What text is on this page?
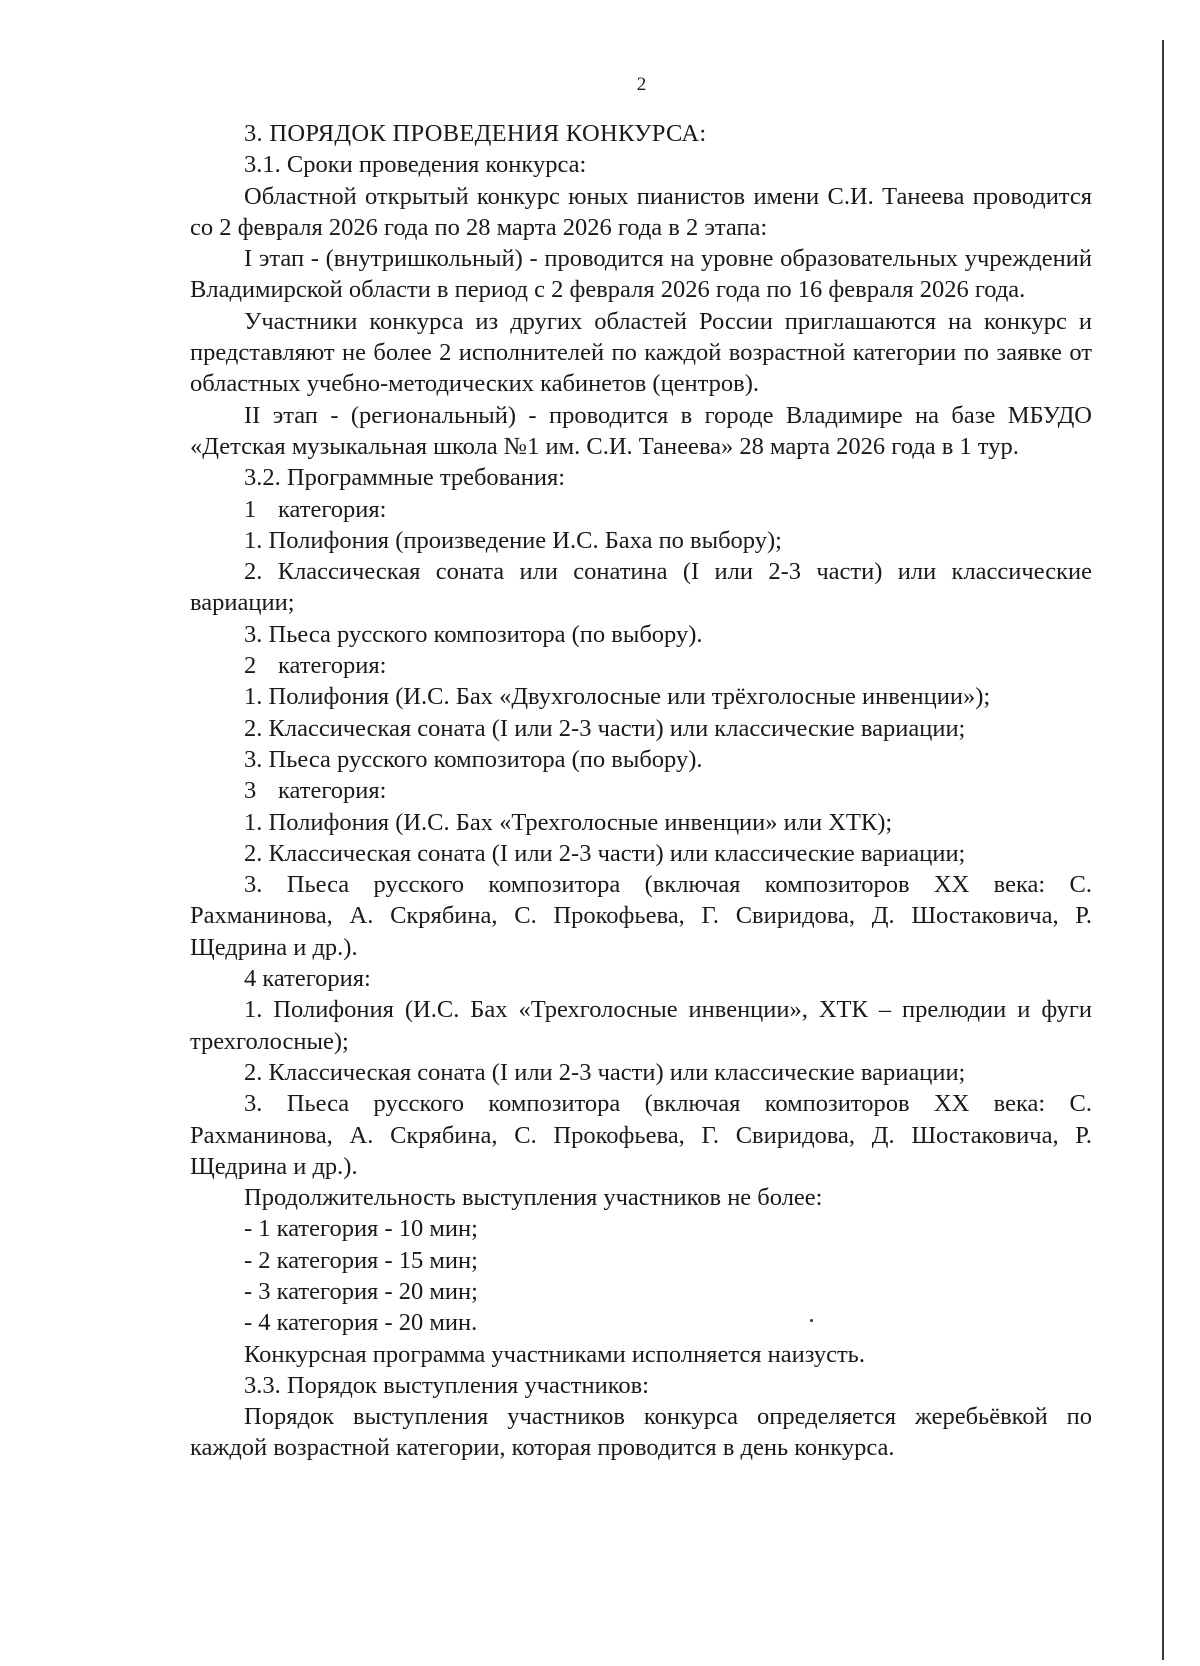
2

3. ПОРЯДОК ПРОВЕДЕНИЯ КОНКУРСА:

3.1. Сроки проведения конкурса:

Областной открытый конкурс юных пианистов имени С.И. Танеева проводится со 2 февраля 2026 года по 28 марта 2026 года в 2 этапа:

I этап - (внутришкольный) - проводится на уровне образовательных учреждений Владимирской области в период с 2 февраля 2026 года по 16 февраля 2026 года.

Участники конкурса из других областей России приглашаются на конкурс и представляют не более 2 исполнителей по каждой возрастной категории по заявке от областных учебно-методических кабинетов (центров).

II этап - (региональный) - проводится в городе Владимире на базе МБУДО «Детская музыкальная школа №1 им. С.И. Танеева» 28 марта 2026 года в 1 тур.

3.2. Программные требования:

1 категория:

1. Полифония (произведение И.С. Баха по выбору);

2. Классическая соната или сонатина (I или 2-3 части) или классические вариации;

3. Пьеса русского композитора (по выбору).

2 категория:

1. Полифония (И.С. Бах «Двухголосные или трёхголосные инвенции»);

2. Классическая соната (I или 2-3 части) или классические вариации;

3. Пьеса русского композитора (по выбору).

3 категория:

1. Полифония (И.С. Бах «Трехголосные инвенции» или ХТК);

2. Классическая соната (I или 2-3 части) или классические вариации;

3. Пьеса русского композитора (включая композиторов ХХ века: С. Рахманинова, А. Скрябина, С. Прокофьева, Г. Свиридова, Д. Шостаковича, Р. Щедрина и др.).

4 категория:

1. Полифония (И.С. Бах «Трехголосные инвенции», ХТК – прелюдии и фуги трехголосные);

2. Классическая соната (I или 2-3 части) или классические вариации;

3. Пьеса русского композитора (включая композиторов ХХ века: С. Рахманинова, А. Скрябина, С. Прокофьева, Г. Свиридова, Д. Шостаковича, Р. Щедрина и др.).

Продолжительность выступления участников не более:

- 1 категория - 10 мин;

- 2 категория - 15 мин;

- 3 категория - 20 мин;

- 4 категория - 20 мин.

Конкурсная программа участниками исполняется наизусть.

3.3. Порядок выступления участников:

Порядок выступления участников конкурса определяется жеребьёвкой по каждой возрастной категории, которая проводится в день конкурса.
